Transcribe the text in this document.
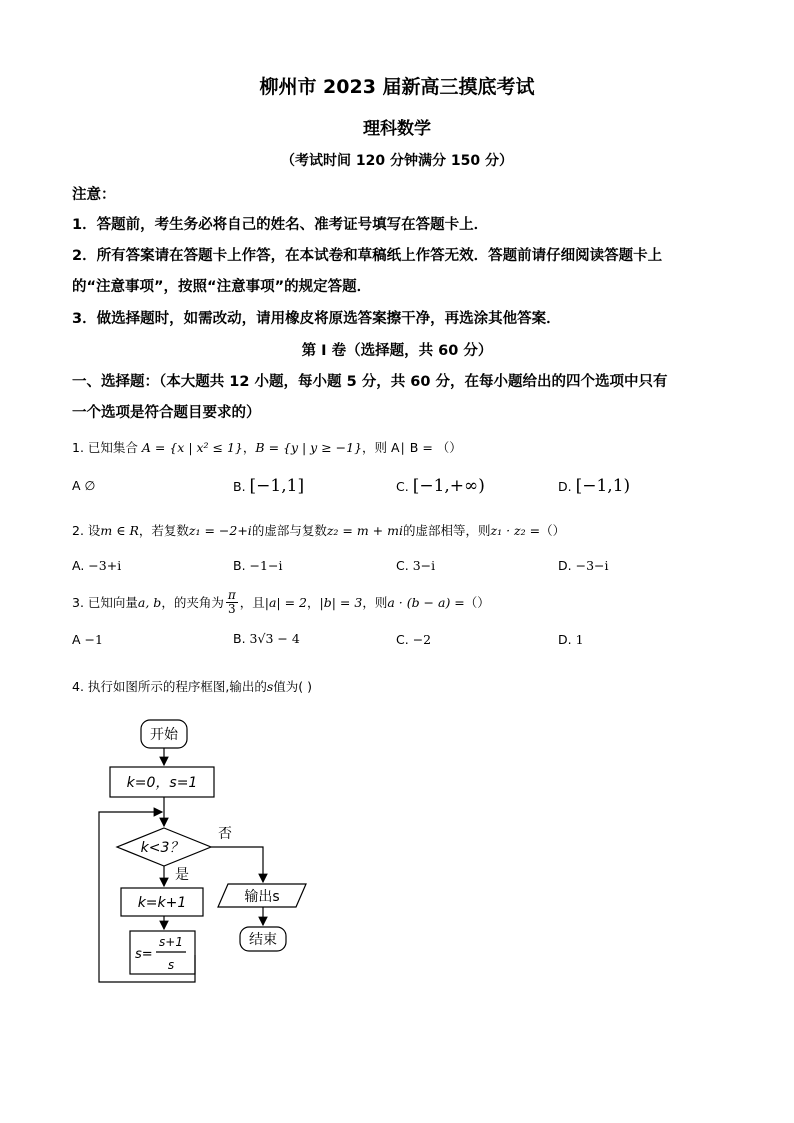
柳州市 2023 届新高三摸底考试
理科数学
（考试时间 120 分钟满分 150 分）
注意：
1．答题前，考生务必将自己的姓名、准考证号填写在答题卡上．
2．所有答案请在答题卡上作答，在本试卷和草稿纸上作答无效．答题前请仔细阅读答题卡上
的“注意事项”，按照“注意事项”的规定答题．
3．做选择题时，如需改动，请用橡皮将原选答案擦干净，再选涂其他答案．
第 I 卷（选择题，共 60 分）
一、选择题：（本大题共 12 小题，每小题 5 分，共 60 分，在每小题给出的四个选项中只有
一个选项是符合题目要求的）
1. 已知集合 A = {x | x² ≤ 1}，B = {y | y ≥ −1}，则 A∣ B = （）
A ∅	B. [−1,1]	C. [−1,+∞)	D. [−1,1)
2. 设m ∈ R，若复数z₁ = −2+i的虚部与复数z₂ = m + mi的虚部相等，则z₁ · z₂ =（）
A. −3+i	B. −1−i	C. 3−i	D. −3−i
3. 已知向量 a, b ，的夹角为 $\frac{\pi}{3}$ ，且 |a| = 2 ， |b| = 3 ，则 a · (b − a) = （）
A −1	B. 3√3 − 4	C. −2	D. 1
4. 执行如图所示的程序框图,输出的s值为( )
开始
k=0，s=1
k<3？
否
是
k=k+1
s=
s+1
s
输出s
结束
